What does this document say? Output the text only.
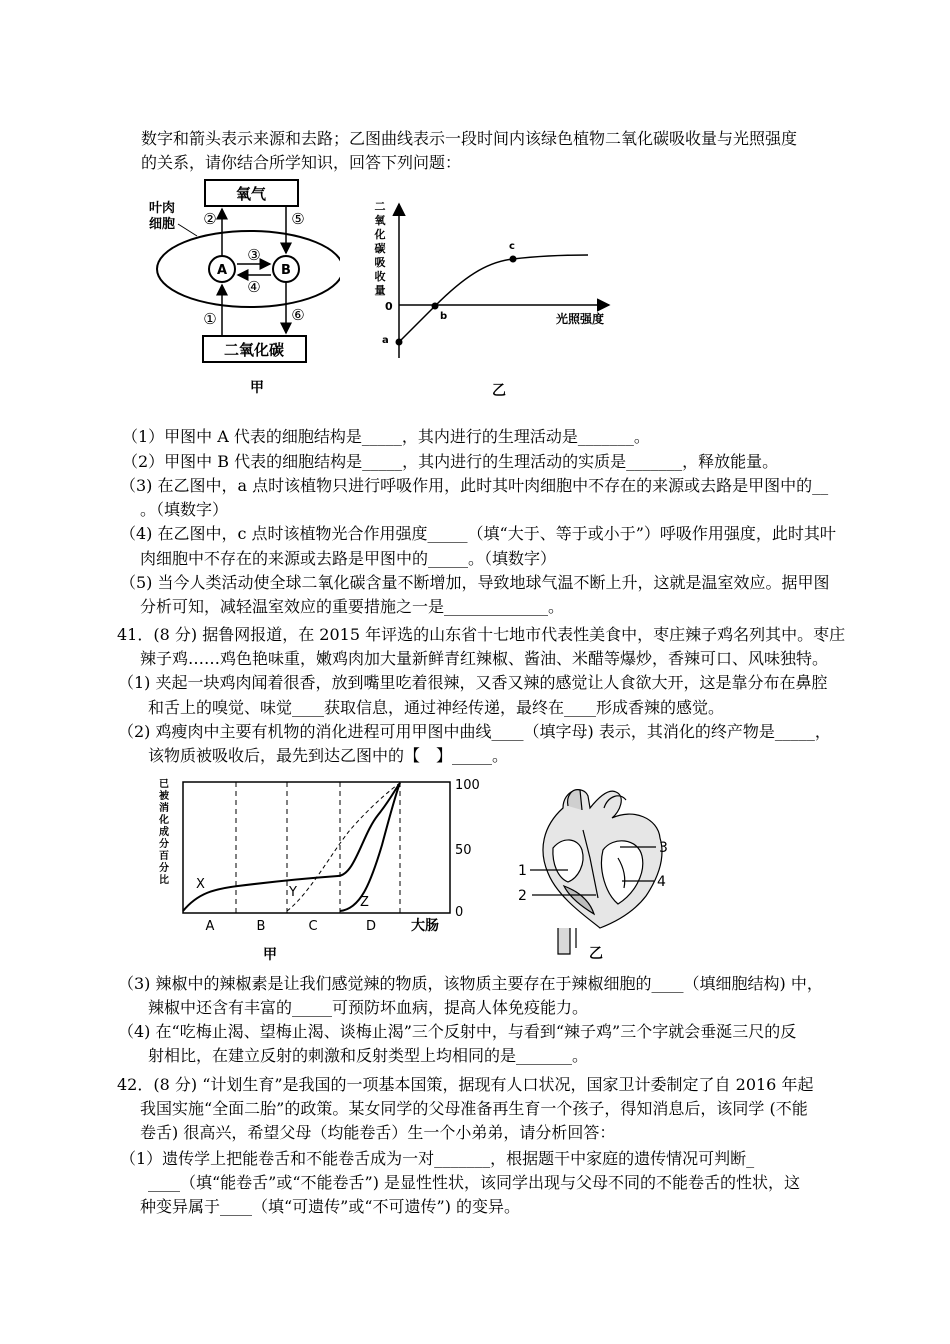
数字和箭头表示来源和去路；乙图曲线表示一段时间内该绿色植物二氧化碳吸收量与光照强度
的关系，请你结合所学知识，回答下列问题：
氧气
叶肉
细胞
A	B
②	⑤
③
④
①	⑥
二氧化碳
甲
二
氧
化
碳
吸
收
量
0
a
b
c
光照强度
乙
（1）甲图中 A 代表的细胞结构是_____，其内进行的生理活动是_______。
（2）甲图中 B 代表的细胞结构是_____，其内进行的生理活动的实质是_______，释放能量。
（3) 在乙图中，a 点时该植物只进行呼吸作用，此时其叶肉细胞中不存在的来源或去路是甲图中的__
。（填数字）
（4) 在乙图中，c 点时该植物光合作用强度_____（填“大于、等于或小于”）呼吸作用强度，此时其叶
肉细胞中不存在的来源或去路是甲图中的_____。（填数字）
（5) 当今人类活动使全球二氧化碳含量不断增加，导致地球气温不断上升，这就是温室效应。据甲图
分析可知，减轻温室效应的重要措施之一是_____________。
41．(8 分) 据鲁网报道，在 2015 年评选的山东省十七地市代表性美食中，枣庄辣子鸡名列其中。枣庄
辣子鸡……鸡色艳味重，嫩鸡肉加大量新鲜青红辣椒、酱油、米醋等爆炒，香辣可口、风味独特。
（1) 夹起一块鸡肉闻着很香，放到嘴里吃着很辣，又香又辣的感觉让人食欲大开，这是靠分布在鼻腔
和舌上的嗅觉、味觉____获取信息，通过神经传递，最终在____形成香辣的感觉。
（2) 鸡瘦肉中主要有机物的消化进程可用甲图中曲线____（填字母) 表示，其消化的终产物是_____，
该物质被吸收后，最先到达乙图中的【　】_____。
已
被
消
化
成
分
百
分
比 X
Y
Z
100
50
0
A	B	C	D 大肠
甲
1
2
3
4
乙
（3) 辣椒中的辣椒素是让我们感觉辣的物质，该物质主要存在于辣椒细胞的____（填细胞结构) 中，
辣椒中还含有丰富的_____可预防坏血病，提高人体免疫能力。
（4) 在“吃梅止渴、望梅止渴、谈梅止渴”三个反射中，与看到“辣子鸡”三个字就会垂涎三尺的反
射相比，在建立反射的刺激和反射类型上均相同的是_______。
42．(8 分) “计划生育”是我国的一项基本国策，据现有人口状况，国家卫计委制定了自 2016 年起
我国实施“全面二胎”的政策。某女同学的父母准备再生育一个孩子，得知消息后，该同学 (不能
卷舌) 很高兴，希望父母（均能卷舌）生一个小弟弟，请分析回答：
（1）遗传学上把能卷舌和不能卷舌成为一对_______，根据题干中家庭的遗传情况可判断_
____（填“能卷舌”或“不能卷舌”) 是显性性状，该同学出现与父母不同的不能卷舌的性状，这
种变异属于____（填“可遗传”或“不可遗传”) 的变异。
